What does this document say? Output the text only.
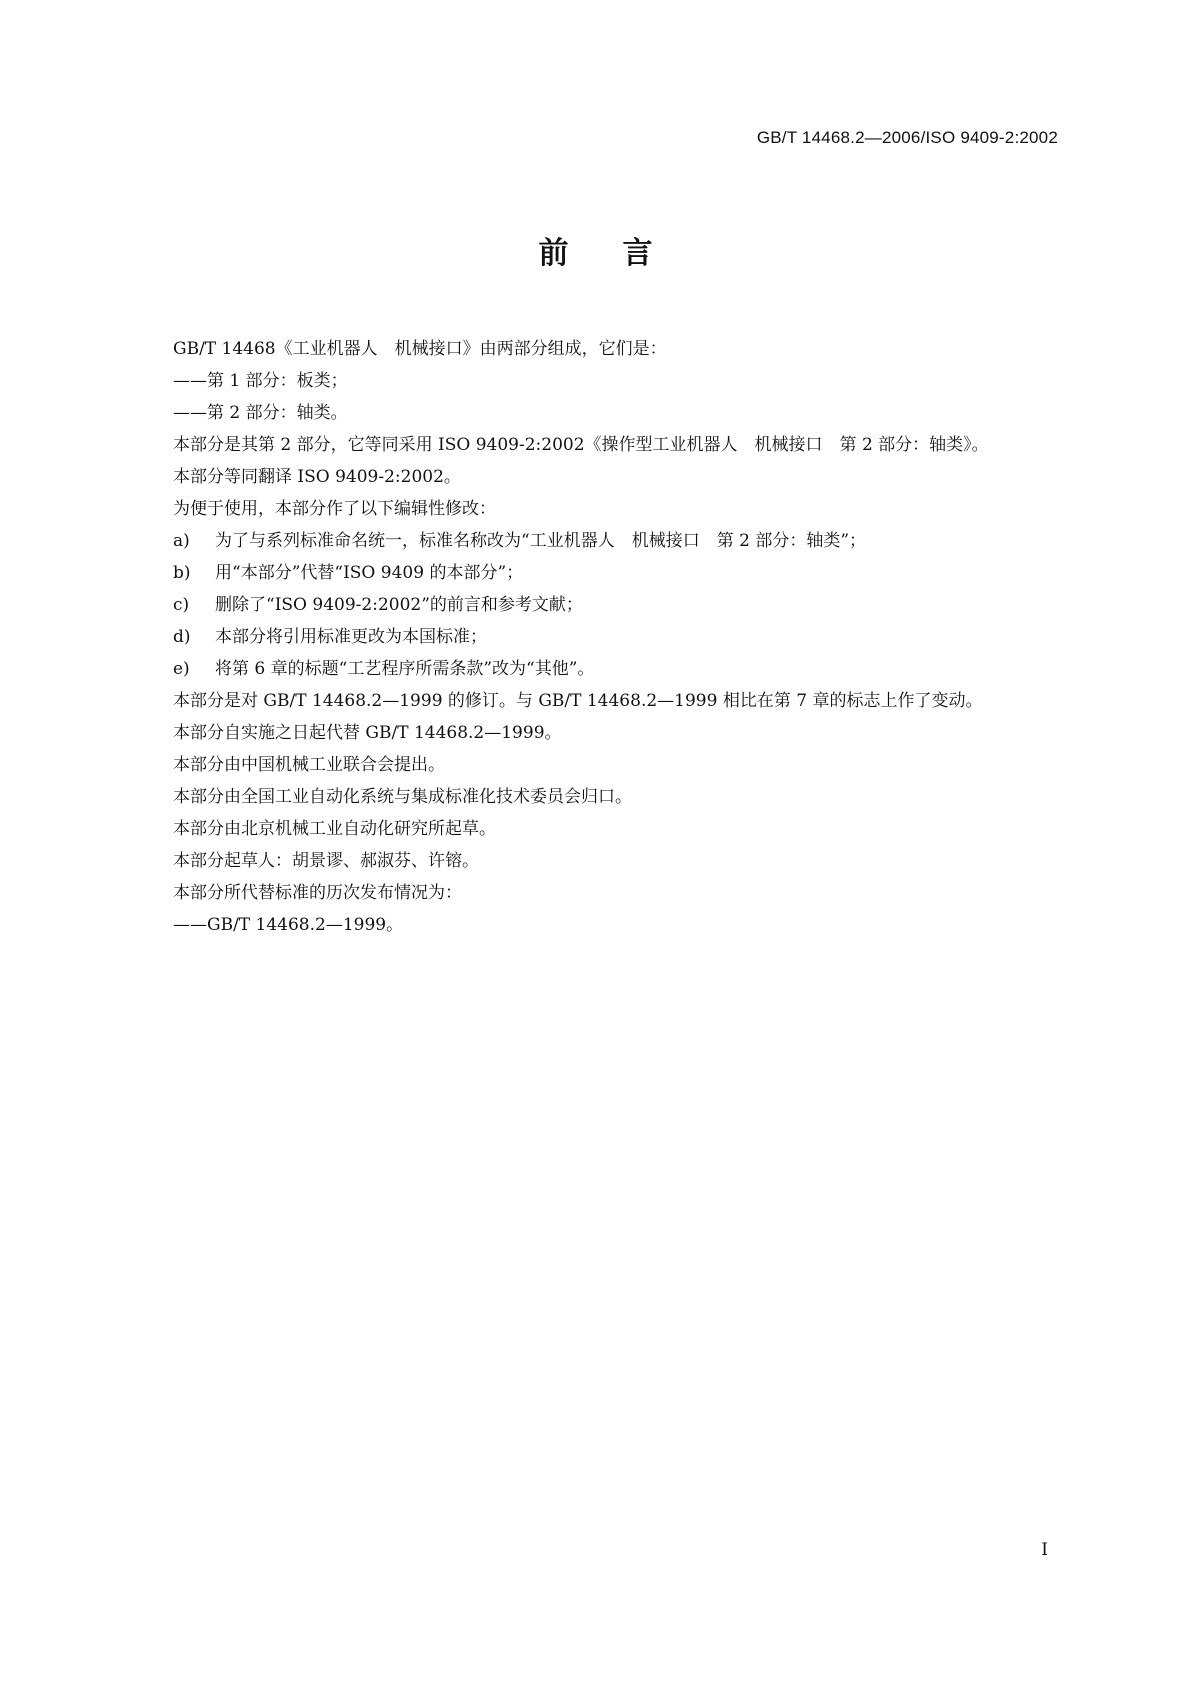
GB/T 14468.2—2006/ISO 9409-2:2002
前言

GB/T 14468《工业机器人　机械接口》由两部分组成，它们是：

——第 1 部分：板类；

——第 2 部分：轴类。

本部分是其第 2 部分，它等同采用 ISO 9409-2:2002《操作型工业机器人　机械接口　第 2 部分：轴类》。

本部分等同翻译 ISO 9409-2:2002。

为便于使用，本部分作了以下编辑性修改：

a) 为了与系列标准命名统一，标准名称改为“工业机器人　机械接口　第 2 部分：轴类”；
b) 用“本部分”代替“ISO 9409 的本部分”；
c) 删除了“ISO 9409-2:2002”的前言和参考文献；
d) 本部分将引用标准更改为本国标准；
e) 将第 6 章的标题“工艺程序所需条款”改为“其他”。

本部分是对 GB/T 14468.2—1999 的修订。与 GB/T 14468.2—1999 相比在第 7 章的标志上作了变动。

本部分自实施之日起代替 GB/T 14468.2—1999。

本部分由中国机械工业联合会提出。

本部分由全国工业自动化系统与集成标准化技术委员会归口。

本部分由北京机械工业自动化研究所起草。

本部分起草人：胡景谬、郝淑芬、许镕。

本部分所代替标准的历次发布情况为：

——GB/T 14468.2—1999。

I
